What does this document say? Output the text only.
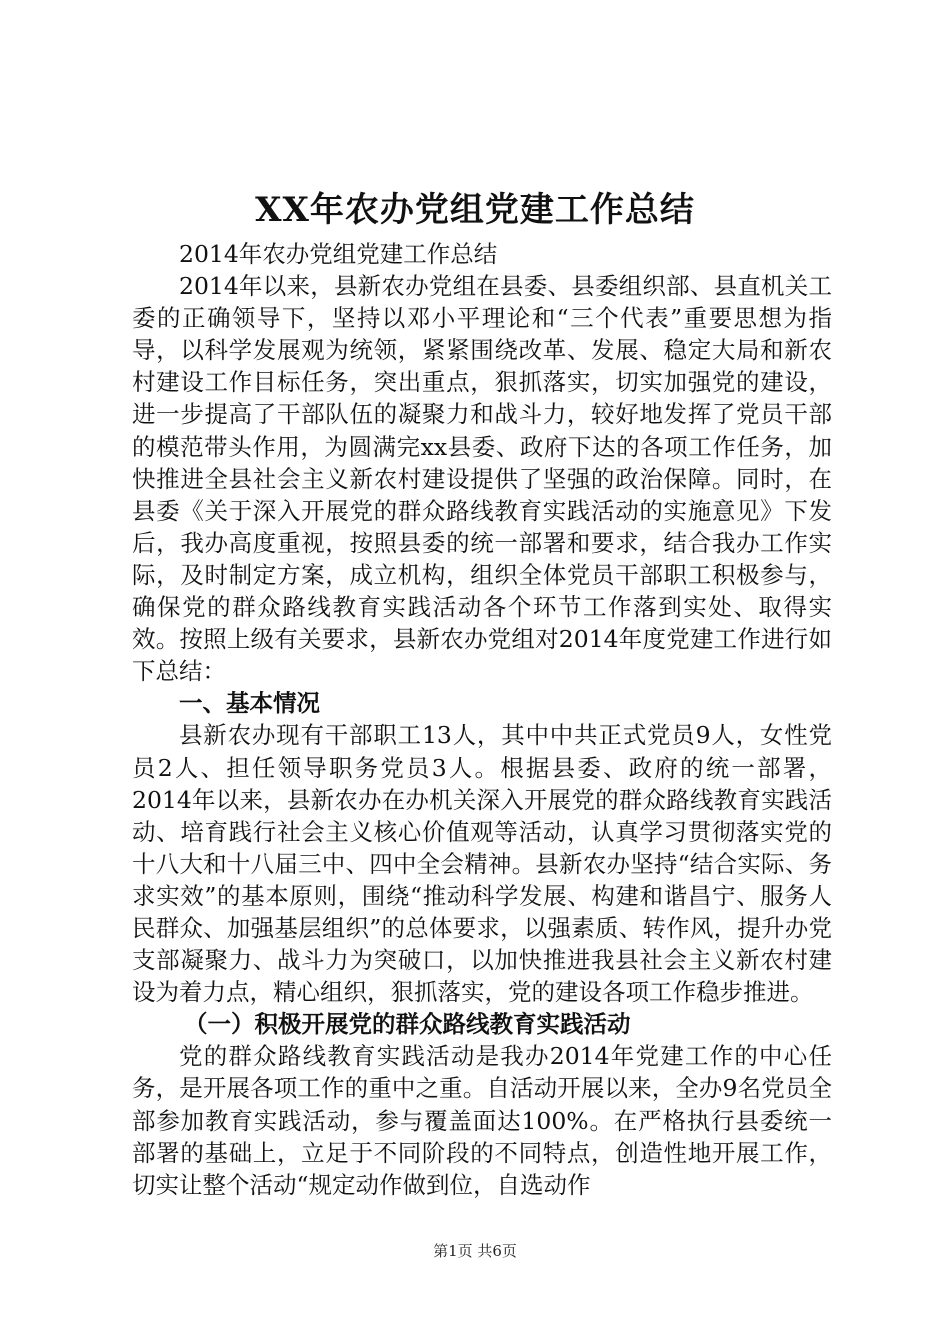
XX年农办党组党建工作总结

2014年农办党组党建工作总结

2014年以来，县新农办党组在县委、县委组织部、县直机关工委的正确领导下，坚持以邓小平理论和“三个代表”重要思想为指导，以科学发展观为统领，紧紧围绕改革、发展、稳定大局和新农村建设工作目标任务，突出重点，狠抓落实，切实加强党的建设，进一步提高了干部队伍的凝聚力和战斗力，较好地发挥了党员干部的模范带头作用，为圆满完xx县委、政府下达的各项工作任务，加快推进全县社会主义新农村建设提供了坚强的政治保障。同时，在县委《关于深入开展党的群众路线教育实践活动的实施意见》下发后，我办高度重视，按照县委的统一部署和要求，结合我办工作实际，及时制定方案，成立机构，组织全体党员干部职工积极参与，确保党的群众路线教育实践活动各个环节工作落到实处、取得实效。按照上级有关要求，县新农办党组对2014年度党建工作进行如下总结：

一、基本情况

县新农办现有干部职工13人，其中中共正式党员9人，女性党员2人、担任领导职务党员3人。根据县委、政府的统一部署，2014年以来，县新农办在办机关深入开展党的群众路线教育实践活动、培育践行社会主义核心价值观等活动，认真学习贯彻落实党的十八大和十八届三中、四中全会精神。县新农办坚持“结合实际、务求实效”的基本原则，围绕“推动科学发展、构建和谐昌宁、服务人民群众、加强基层组织”的总体要求，以强素质、转作风，提升办党支部凝聚力、战斗力为突破口，以加快推进我县社会主义新农村建设为着力点，精心组织，狠抓落实，党的建设各项工作稳步推进。

（一）积极开展党的群众路线教育实践活动

党的群众路线教育实践活动是我办2014年党建工作的中心任务，是开展各项工作的重中之重。自活动开展以来，全办9名党员全部参加教育实践活动，参与覆盖面达100%。在严格执行县委统一部署的基础上，立足于不同阶段的不同特点，创造性地开展工作，切实让整个活动“规定动作做到位，自选动作

第1页 共6页
